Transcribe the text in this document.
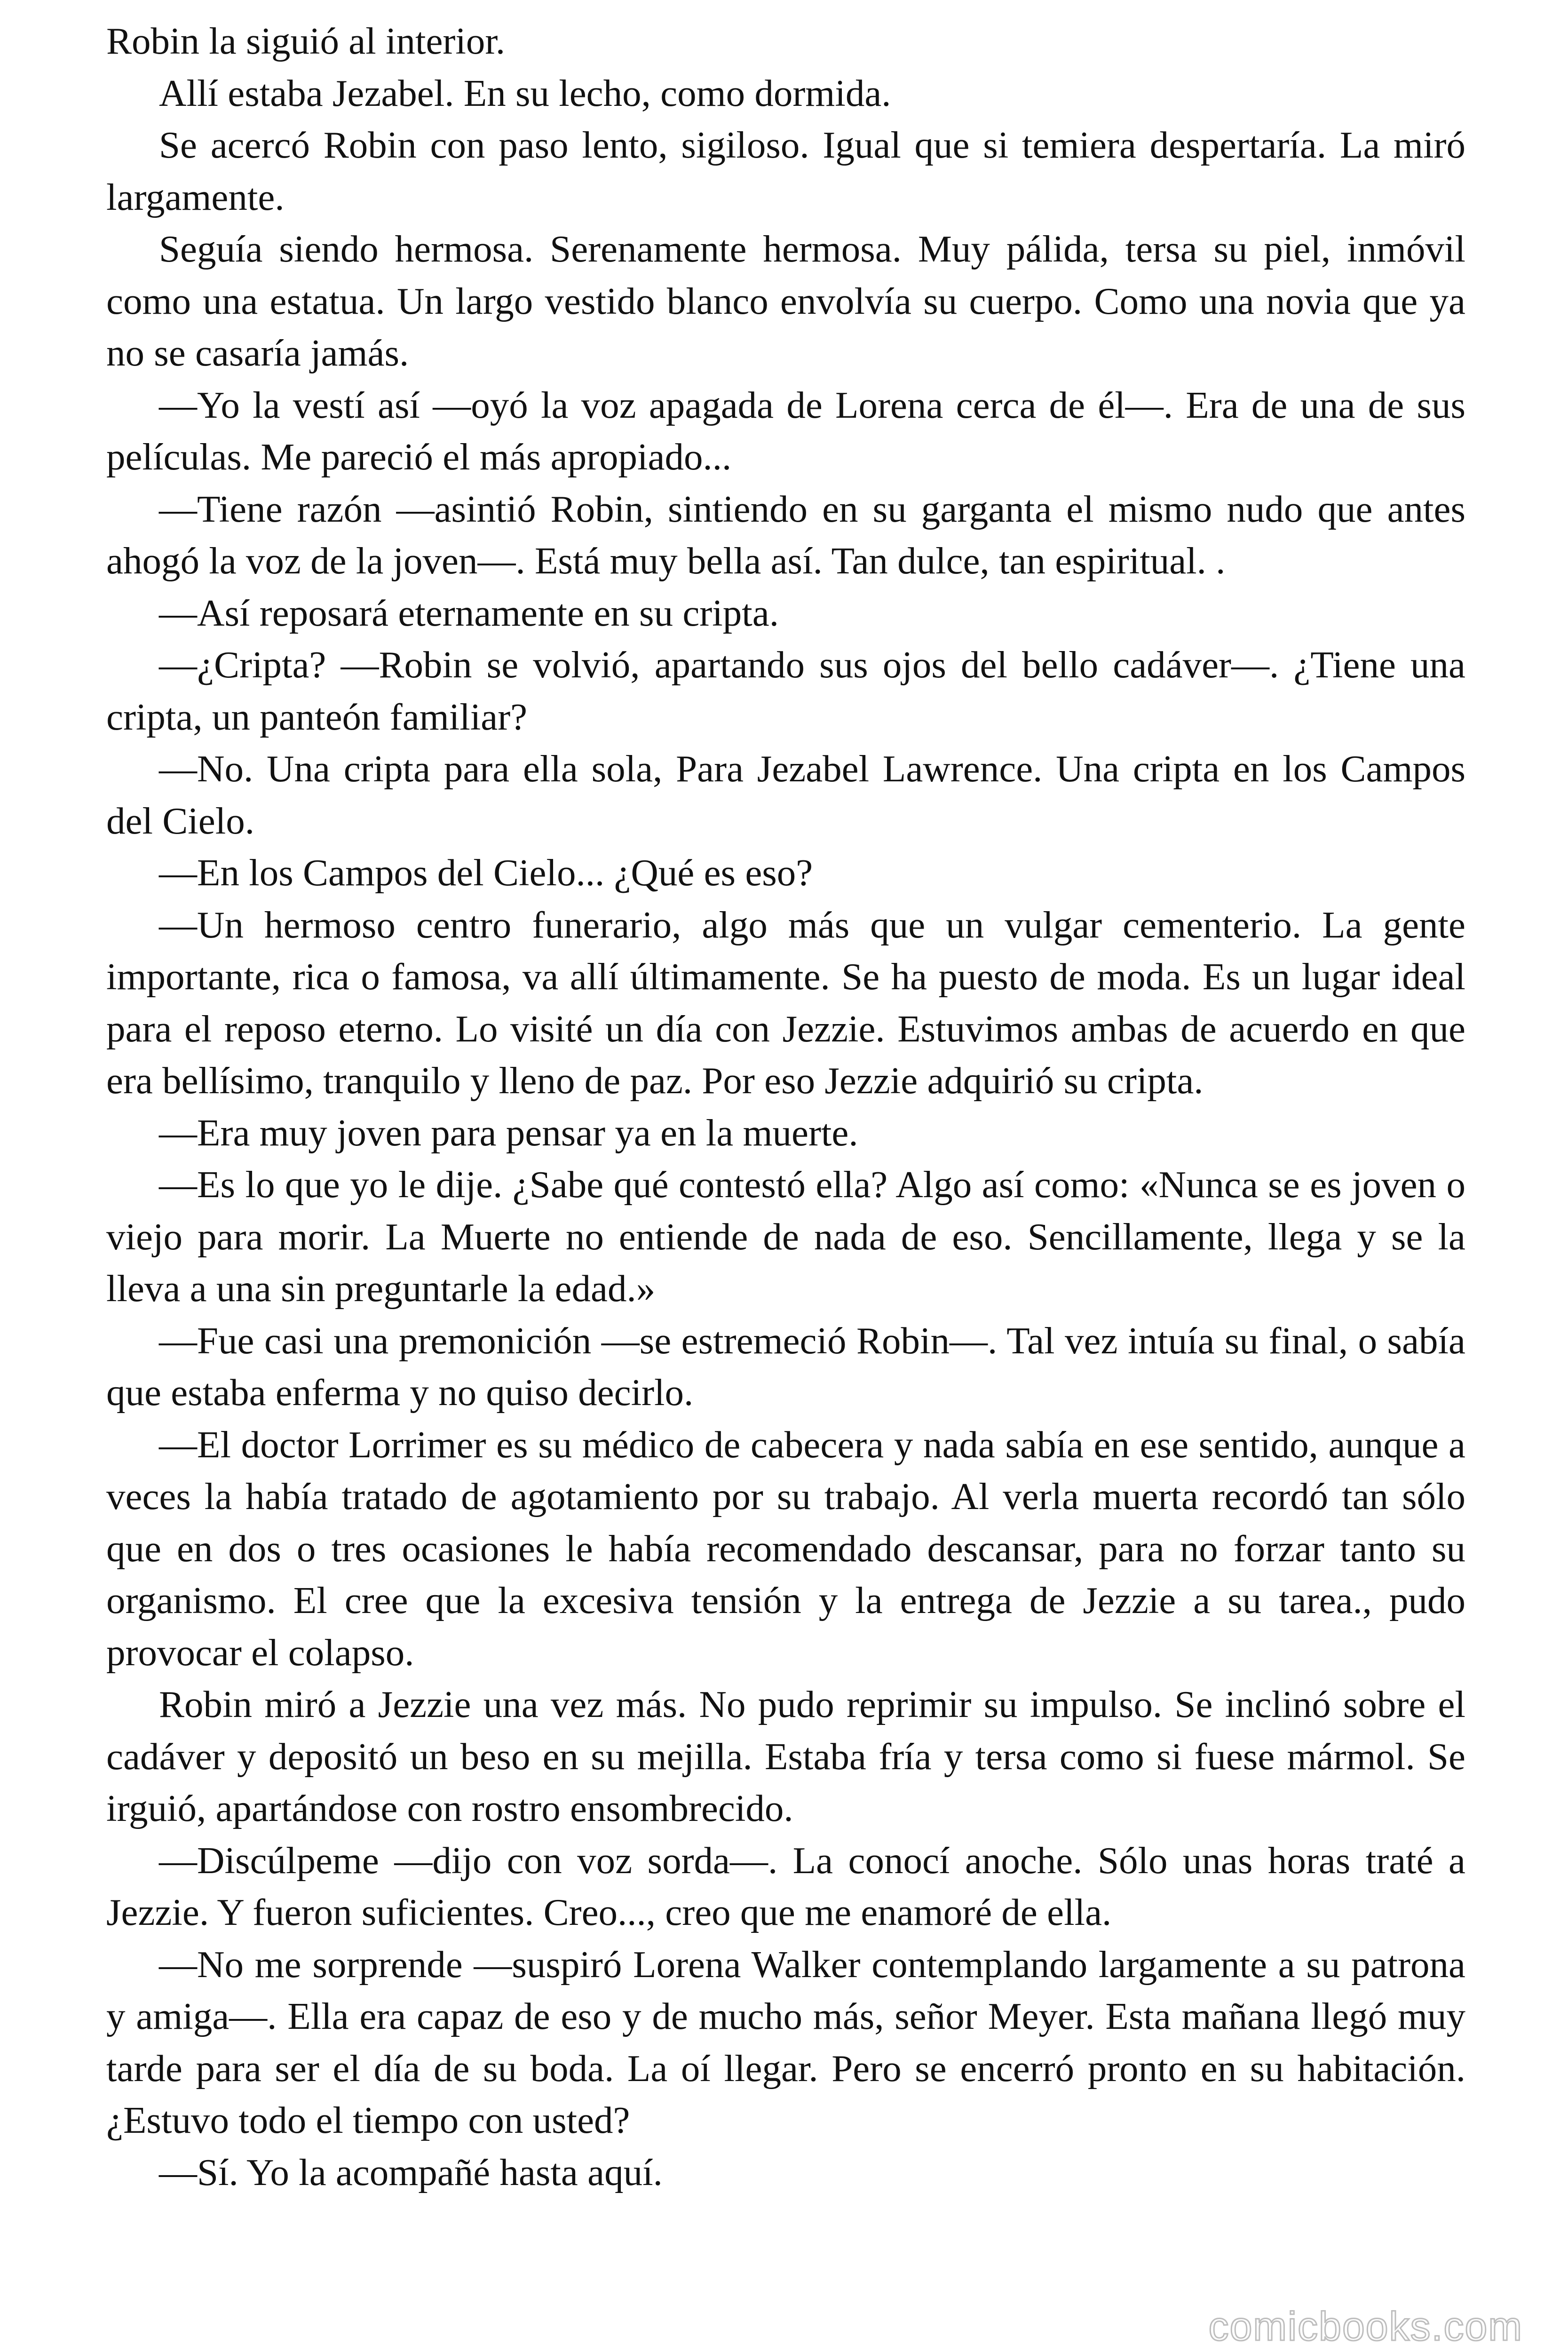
Robin la siguió al interior.

Allí estaba Jezabel. En su lecho, como dormida.

Se acercó Robin con paso lento, sigiloso. Igual que si temiera despertaría. La miró largamente.

Seguía siendo hermosa. Serenamente hermosa. Muy pálida, tersa su piel, inmóvil como una estatua. Un largo vestido blanco envolvía su cuerpo. Como una novia que ya no se casaría jamás.

—Yo la vestí así —oyó la voz apagada de Lorena cerca de él—. Era de una de sus películas. Me pareció el más apropiado...

—Tiene razón —asintió Robin, sintiendo en su garganta el mismo nudo que antes ahogó la voz de la joven—. Está muy bella así. Tan dulce, tan espiritual. .

—Así reposará eternamente en su cripta.

—¿Cripta? —Robin se volvió, apartando sus ojos del bello cadáver—. ¿Tiene una cripta, un panteón familiar?

—No. Una cripta para ella sola, Para Jezabel Lawrence. Una cripta en los Campos del Cielo.

—En los Campos del Cielo... ¿Qué es eso?

—Un hermoso centro funerario, algo más que un vulgar cementerio. La gente importante, rica o famosa, va allí últimamente. Se ha puesto de moda. Es un lugar ideal para el reposo eterno. Lo visité un día con Jezzie. Estuvimos ambas de acuerdo en que era bellísimo, tranquilo y lleno de paz. Por eso Jezzie adquirió su cripta.

—Era muy joven para pensar ya en la muerte.

—Es lo que yo le dije. ¿Sabe qué contestó ella? Algo así como: «Nunca se es joven o viejo para morir. La Muerte no entiende de nada de eso. Sencillamente, llega y se la lleva a una sin preguntarle la edad.»

—Fue casi una premonición —se estremeció Robin—. Tal vez intuía su final, o sabía que estaba enferma y no quiso decirlo.

—El doctor Lorrimer es su médico de cabecera y nada sabía en ese sentido, aunque a veces la había tratado de agotamiento por su trabajo. Al verla muerta recordó tan sólo que en dos o tres ocasiones le había recomendado descansar, para no forzar tanto su organismo. El cree que la excesiva tensión y la entrega de Jezzie a su tarea., pudo provocar el colapso.

Robin miró a Jezzie una vez más. No pudo reprimir su impulso. Se inclinó sobre el cadáver y depositó un beso en su mejilla. Estaba fría y tersa como si fuese mármol. Se irguió, apartándose con rostro ensombrecido.

—Discúlpeme —dijo con voz sorda—. La conocí anoche. Sólo unas horas traté a Jezzie. Y fueron suficientes. Creo..., creo que me enamoré de ella.

—No me sorprende —suspiró Lorena Walker contemplando largamente a su patrona y amiga—. Ella era capaz de eso y de mucho más, señor Meyer. Esta mañana llegó muy tarde para ser el día de su boda. La oí llegar. Pero se encerró pronto en su habitación. ¿Estuvo todo el tiempo con usted?

—Sí. Yo la acompañé hasta aquí.

comicbooks.com
